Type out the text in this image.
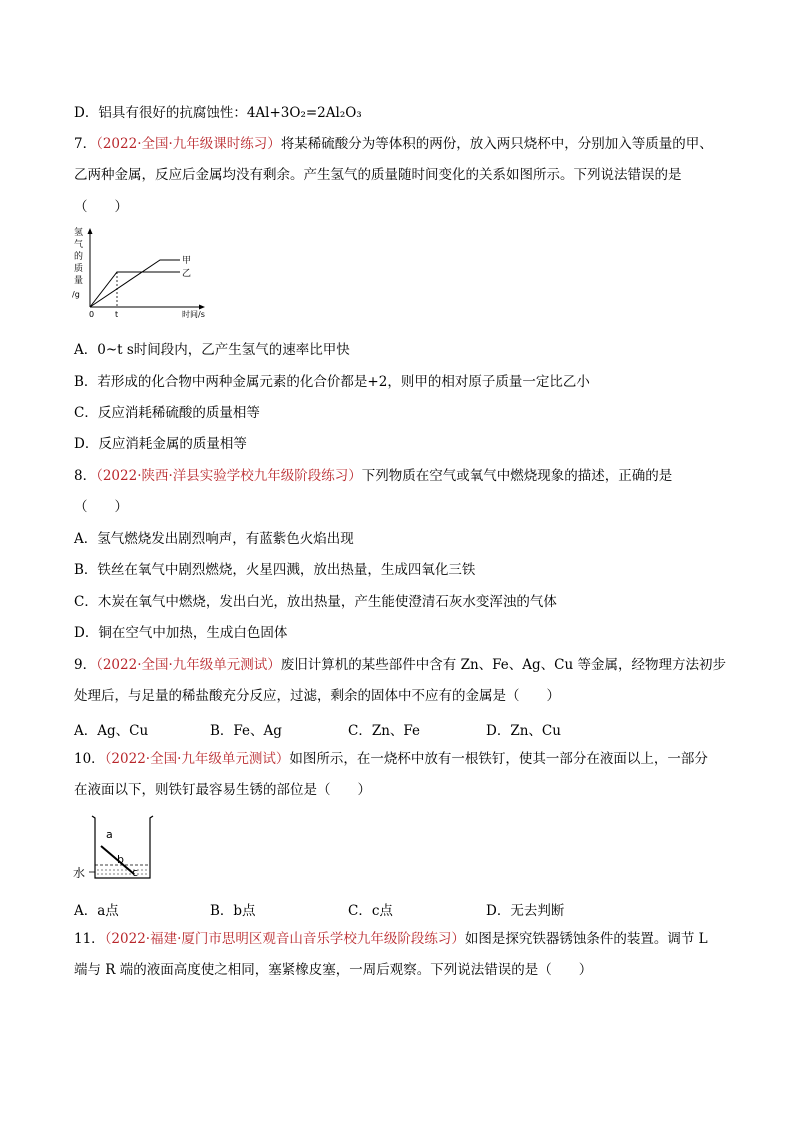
D．铝具有很好的抗腐蚀性：4Al+3O₂=2Al₂O₃
7．（2022·全国·九年级课时练习）将某稀硫酸分为等体积的两份，放入两只烧杯中，分别加入等质量的甲、
乙两种金属，反应后金属均没有剩余。产生氢气的质量随时间变化的关系如图所示。下列说法错误的是
（　　）
氢
气
的
质
量
/g
0	t	时间/s
甲
乙
A．0~t s时间段内，乙产生氢气的速率比甲快
B．若形成的化合物中两种金属元素的化合价都是+2，则甲的相对原子质量一定比乙小
C．反应消耗稀硫酸的质量相等
D．反应消耗金属的质量相等
8．（2022·陕西·洋县实验学校九年级阶段练习）下列物质在空气或氧气中燃烧现象的描述，正确的是
（　　）
A．氢气燃烧发出剧烈响声，有蓝紫色火焰出现
B．铁丝在氧气中剧烈燃烧，火星四溅，放出热量，生成四氧化三铁
C．木炭在氧气中燃烧，发出白光，放出热量，产生能使澄清石灰水变浑浊的气体
D．铜在空气中加热，生成白色固体
9．（2022·全国·九年级单元测试）废旧计算机的某些部件中含有 Zn、Fe、Ag、Cu 等金属，经物理方法初步
处理后，与足量的稀盐酸充分反应，过滤，剩余的固体中不应有的金属是（　　）
A．Ag、Cu	B．Fe、Ag	C．Zn、Fe	D．Zn、Cu
10．（2022·全国·九年级单元测试）如图所示，在一烧杯中放有一根铁钉，使其一部分在液面以上，一部分
在液面以下，则铁钉最容易生锈的部位是（　　）
a
b
c
水
A．a点	B．b点	C．c点	D．无去判断
11．（2022·福建·厦门市思明区观音山音乐学校九年级阶段练习）如图是探究铁器锈蚀条件的装置。调节 L
端与 R 端的液面高度使之相同，塞紧橡皮塞，一周后观察。下列说法错误的是（　　）
